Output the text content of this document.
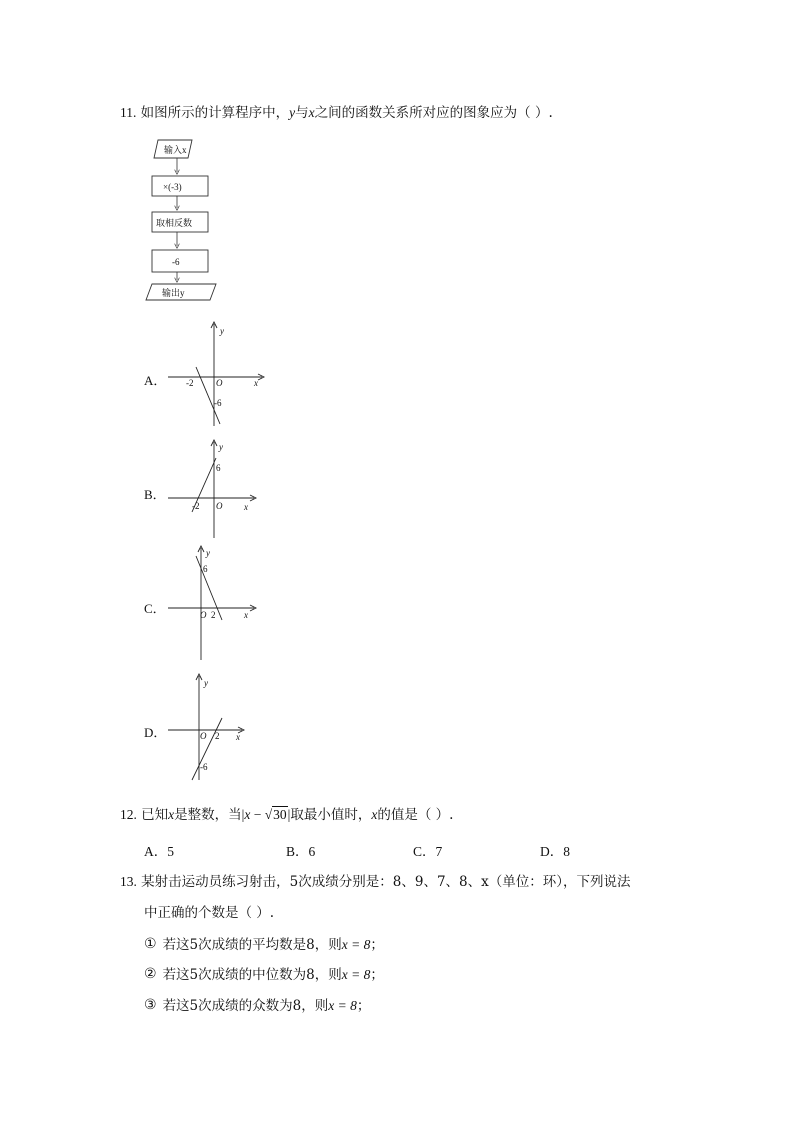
11. 如图所示的计算程序中，y与x之间的函数关系所对应的图象应为（ ）.
输入x
×(-3)
取相反数
-6
输出y
A．
y
x
O
-2
-6
B．
y
x
O
-2
6
C．
y
x
O 2
6
D．
y
x
O 2
-6
12. 已知x是整数，当|x − √30|取最小值时，x的值是（ ）.
A．5	B．6	C．7	D．8
13. 某射击运动员练习射击，5次成绩分别是：8、9、7、8、x（单位：环），下列说法
中正确的个数是（ ）.
① 若这5次成绩的平均数是8，则x = 8；
② 若这5次成绩的中位数为8，则x = 8；
③ 若这5次成绩的众数为8，则x = 8；
